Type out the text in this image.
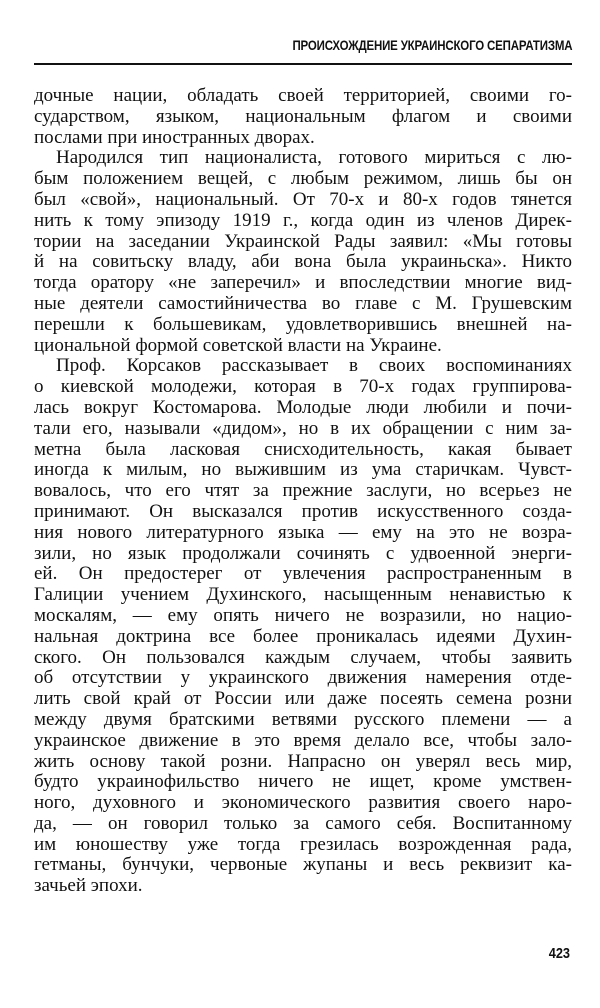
ПРОИСХОЖДЕНИЕ УКРАИНСКОГО СЕПАРАТИЗМА
дочные нации, обладать своей территорией, своими го-
сударством, языком, национальным флагом и своими
послами при иностранных дворах.
Народился тип националиста, готового мириться с лю-
бым положением вещей, с любым режимом, лишь бы он
был «свой», национальный. От 70-х и 80-х годов тянется
нить к тому эпизоду 1919 г., когда один из членов Дирек-
тории на заседании Украинской Рады заявил: «Мы готовы
й на совитьску владу, аби вона была украиньска». Никто
тогда оратору «не заперечил» и впоследствии многие вид-
ные деятели самостийничества во главе с М. Грушевским
перешли к большевикам, удовлетворившись внешней на-
циональной формой советской власти на Украине.
Проф. Корсаков рассказывает в своих воспоминаниях
о киевской молодежи, которая в 70-х годах группирова-
лась вокруг Костомарова. Молодые люди любили и почи-
тали его, называли «дидом», но в их обращении с ним за-
метна была ласковая снисходительность, какая бывает
иногда к милым, но выжившим из ума старичкам. Чувст-
вовалось, что его чтят за прежние заслуги, но всерьез не
принимают. Он высказался против искусственного созда-
ния нового литературного языка — ему на это не возра-
зили, но язык продолжали сочинять с удвоенной энерги-
ей. Он предостерег от увлечения распространенным в
Галиции учением Духинского, насыщенным ненавистью к
москалям, — ему опять ничего не возразили, но нацио-
нальная доктрина все более проникалась идеями Духин-
ского. Он пользовался каждым случаем, чтобы заявить
об отсутствии у украинского движения намерения отде-
лить свой край от России или даже посеять семена розни
между двумя братскими ветвями русского племени — а
украинское движение в это время делало все, чтобы зало-
жить основу такой розни. Напрасно он уверял весь мир,
будто украинофильство ничего не ищет, кроме умствен-
ного, духовного и экономического развития своего наро-
да, — он говорил только за самого себя. Воспитанному
им юношеству уже тогда грезилась возрожденная рада,
гетманы, бунчуки, червоные жупаны и весь реквизит ка-
зачьей эпохи.
423
